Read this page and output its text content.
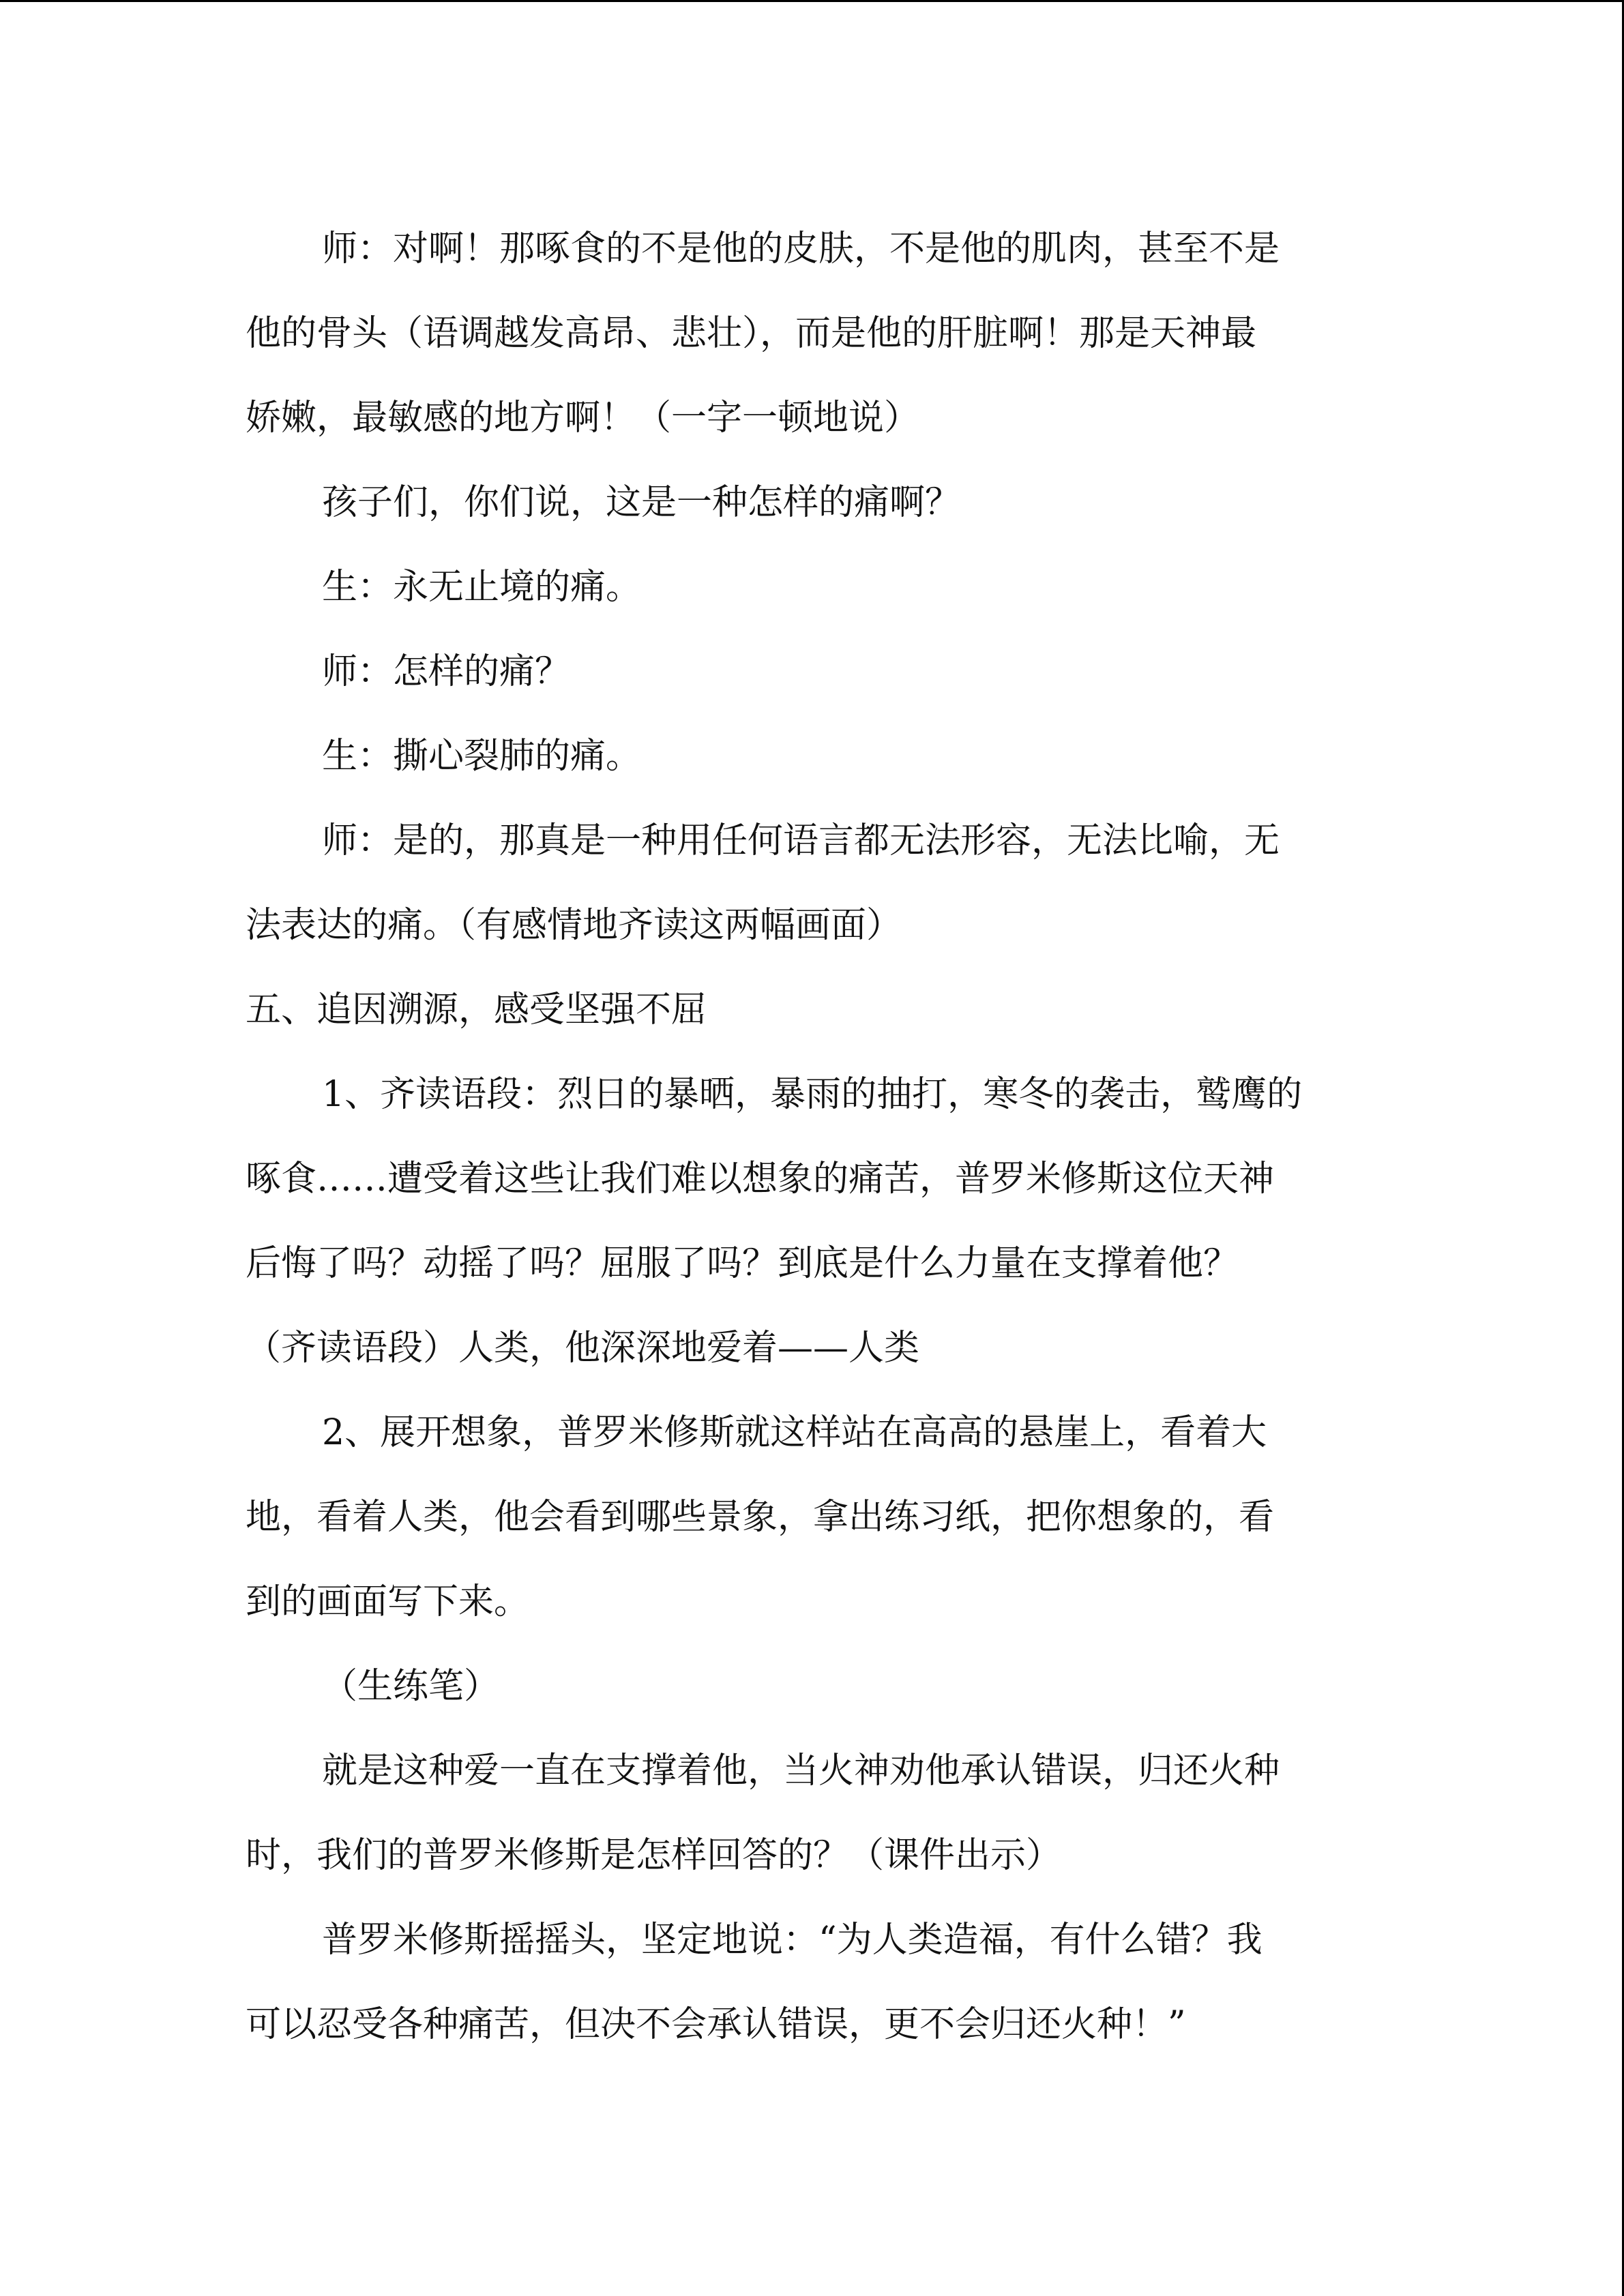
师：对啊！那啄食的不是他的皮肤，不是他的肌肉，甚至不是

他的骨头（语调越发高昂、悲壮），而是他的肝脏啊！那是天神最

娇嫩，最敏感的地方啊！（一字一顿地说）

孩子们，你们说，这是一种怎样的痛啊？

生：永无止境的痛。

师：怎样的痛？

生：撕心裂肺的痛。

师：是的，那真是一种用任何语言都无法形容，无法比喻，无

法表达的痛。（有感情地齐读这两幅画面）

五、追因溯源，感受坚强不屈

1、齐读语段：烈日的暴晒，暴雨的抽打，寒冬的袭击，鹫鹰的

啄食……遭受着这些让我们难以想象的痛苦，普罗米修斯这位天神

后悔了吗？动摇了吗？屈服了吗？到底是什么力量在支撑着他？

（齐读语段）人类，他深深地爱着——人类

2、展开想象，普罗米修斯就这样站在高高的悬崖上，看着大

地，看着人类，他会看到哪些景象，拿出练习纸，把你想象的，看

到的画面写下来。

（生练笔）

就是这种爱一直在支撑着他，当火神劝他承认错误，归还火种

时，我们的普罗米修斯是怎样回答的？（课件出示）

普罗米修斯摇摇头，坚定地说：“为人类造福，有什么错？我

可以忍受各种痛苦，但决不会承认错误，更不会归还火种！”
